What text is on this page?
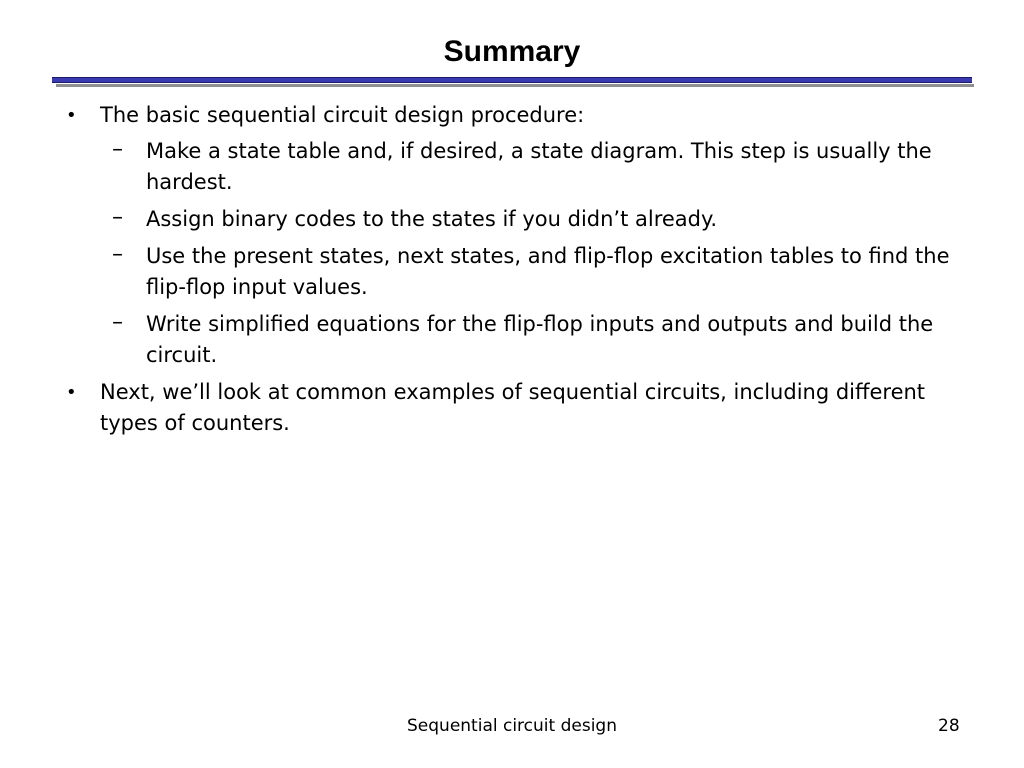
Summary
• The basic sequential circuit design procedure:
– Make a state table and, if desired, a state diagram. This step is usually the hardest.
– Assign binary codes to the states if you didn’t already.
– Use the present states, next states, and flip-flop excitation tables to find the flip-flop input values.
– Write simplified equations for the flip-flop inputs and outputs and build the circuit.
• Next, we’ll look at common examples of sequential circuits, including different types of counters.
Sequential circuit design	28
